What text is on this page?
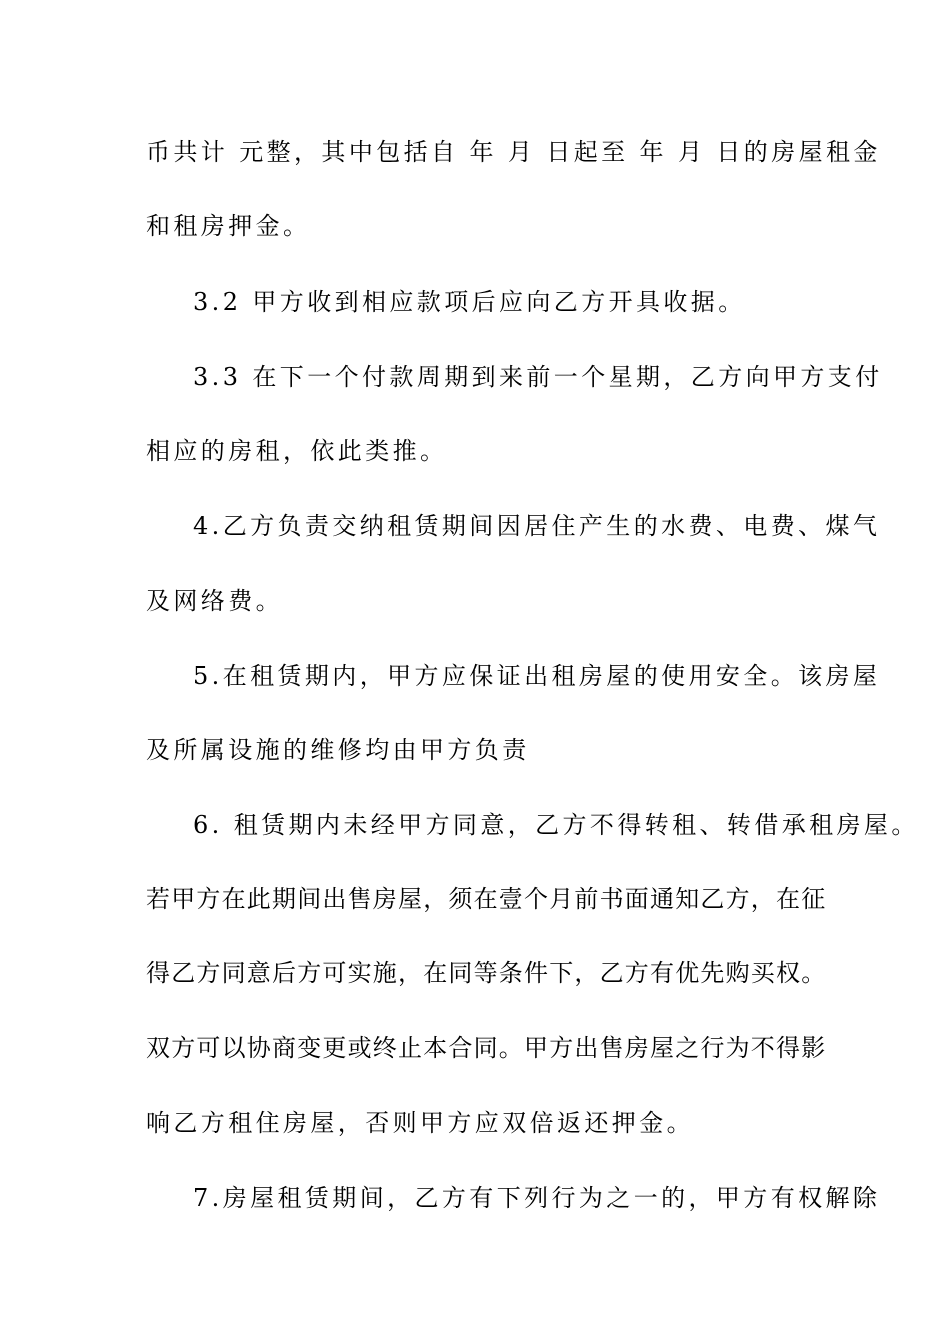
币共计 元整，其中包括自 年 月 日起至 年 月 日的房屋租金
和租房押金。
3.2 甲方收到相应款项后应向乙方开具收据。
3.3 在下一个付款周期到来前一个星期，乙方向甲方支付
相应的房租，依此类推。
4.乙方负责交纳租赁期间因居住产生的水费、电费、煤气
及网络费。
5.在租赁期内，甲方应保证出租房屋的使用安全。该房屋
及所属设施的维修均由甲方负责
6. 租赁期内未经甲方同意，乙方不得转租、转借承租房屋。
若甲方在此期间出售房屋，须在壹个月前书面通知乙方，在征
得乙方同意后方可实施，在同等条件下，乙方有优先购买权。
双方可以协商变更或终止本合同。甲方出售房屋之行为不得影
响乙方租住房屋，否则甲方应双倍返还押金。
7.房屋租赁期间，乙方有下列行为之一的，甲方有权解除
